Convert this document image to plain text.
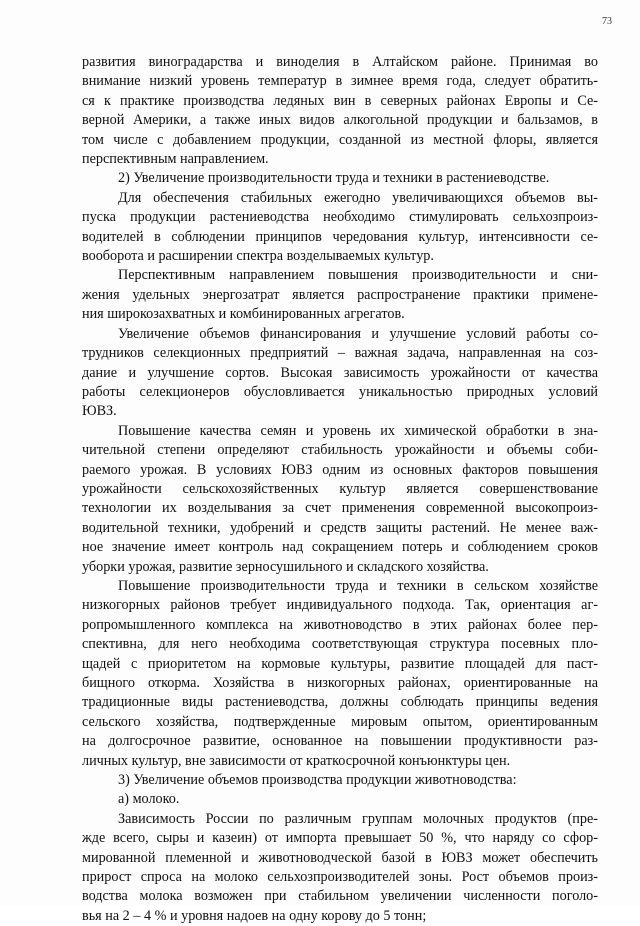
73
развития виноградарства и виноделия в Алтайском районе. Принимая во
внимание низкий уровень температур в зимнее время года, следует обратить-
ся к практике производства ледяных вин в северных районах Европы и Се-
верной Америки, а также иных видов алкогольной продукции и бальзамов, в
том числе с добавлением продукции, созданной из местной флоры, является
перспективным направлением.
2) Увеличение производительности труда и техники в растениеводстве.
Для обеспечения стабильных ежегодно увеличивающихся объемов вы-
пуска продукции растениеводства необходимо стимулировать сельхозпроиз-
водителей в соблюдении принципов чередования культур, интенсивности се-
вооборота и расширении спектра возделываемых культур.
Перспективным направлением повышения производительности и сни-
жения удельных энергозатрат является распространение практики примене-
ния широкозахватных и комбинированных агрегатов.
Увеличение объемов финансирования и улучшение условий работы со-
трудников селекционных предприятий – важная задача, направленная на соз-
дание и улучшение сортов. Высокая зависимость урожайности от качества
работы селекционеров обусловливается уникальностью природных условий
ЮВЗ.
Повышение качества семян и уровень их химической обработки в зна-
чительной степени определяют стабильность урожайности и объемы соби-
раемого урожая. В условиях ЮВЗ одним из основных факторов повышения
урожайности сельскохозяйственных культур является совершенствование
технологии их возделывания за счет применения современной высокопроиз-
водительной техники, удобрений и средств защиты растений. Не менее важ-
ное значение имеет контроль над сокращением потерь и соблюдением сроков
уборки урожая, развитие зерносушильного и складского хозяйства.
Повышение производительности труда и техники в сельском хозяйстве
низкогорных районов требует индивидуального подхода. Так, ориентация аг-
ропромышленного комплекса на животноводство в этих районах более пер-
спективна, для него необходима соответствующая структура посевных пло-
щадей с приоритетом на кормовые культуры, развитие площадей для паст-
бищного откорма. Хозяйства в низкогорных районах, ориентированные на
традиционные виды растениеводства, должны соблюдать принципы ведения
сельского хозяйства, подтвержденные мировым опытом, ориентированным
на долгосрочное развитие, основанное на повышении продуктивности раз-
личных культур, вне зависимости от краткосрочной конъюнктуры цен.
3) Увеличение объемов производства продукции животноводства:
а) молоко.
Зависимость России по различным группам молочных продуктов (пре-
жде всего, сыры и казеин) от импорта превышает 50 %, что наряду со сфор-
мированной племенной и животноводческой базой в ЮВЗ может обеспечить
прирост спроса на молоко сельхозпроизводителей зоны. Рост объемов произ-
водства молока возможен при стабильном увеличении численности поголо-
вья на 2 – 4 % и уровня надоев на одну корову до 5 тонн;
